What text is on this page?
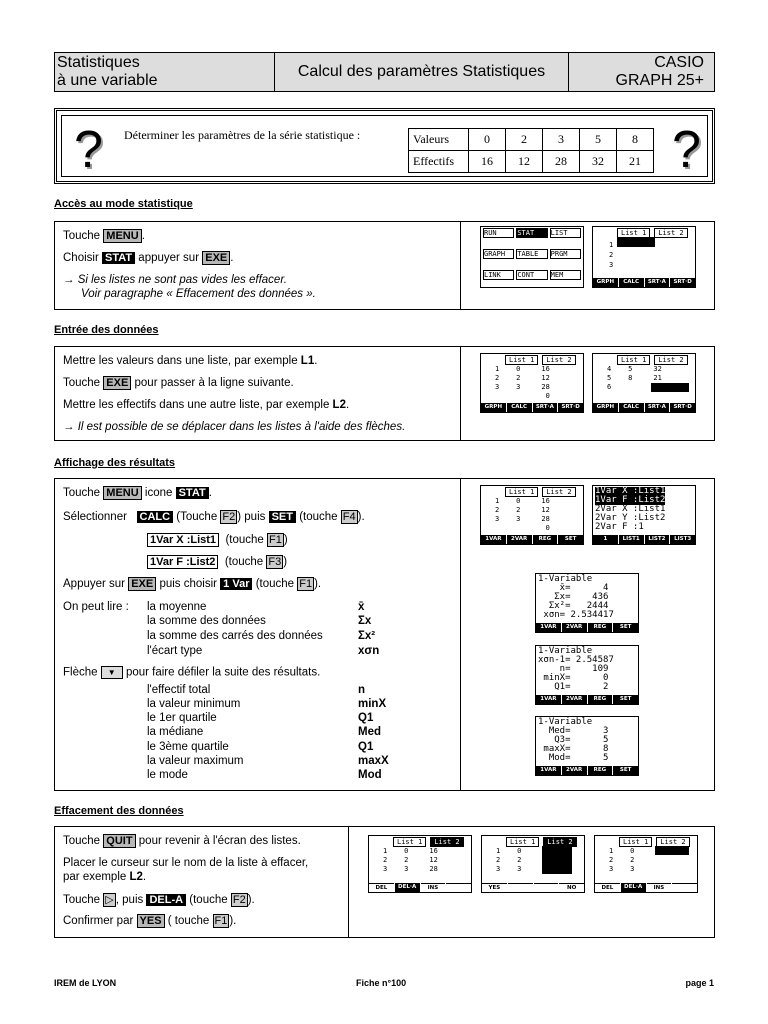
Statistiques
à une variable
Calcul des paramètres Statistiques
CASIO
GRAPH 25+
? Déterminer les paramètres de la série statistique :	Valeurs	0	2	3	5	8
Effectifs	16	12	28	32	21 ?
Accès au mode statistique
Touche MENU .
Choisir STAT appuyer sur EXE .
→ Si les listes ne sont pas vides les effacer.
Voir paragraphe « Effacement des données ».
RUN	STAT	LIST
GRAPH	TABLE	PRGM
LINK	CONT	MEM
List 1	List 2
1
2
3
GRPH	CALC	SRT·A	SRT·D
Entrée des données
Mettre les valeurs dans une liste, par exemple L1.
Touche EXE pour passer à la ligne suivante.
Mettre les effectifs dans une autre liste, par exemple L2.
→ Il est possible de se déplacer dans les listes à l'aide des flèches.
List 1	List 2
1    0     16
2    2     12
3    3     28
0
GRPH	CALC	SRT·A	SRT·D
List 1	List 2
4    5     32
5    8     21
6
GRPH	CALC	SRT·A	SRT·D
Affichage des résultats
Touche MENU icone STAT .
Sélectionner CALC (Touche F2 ) puis SET (touche F4 ).
1Var X :List1 (touche F1 )
1Var F :List2 (touche F3 )
Appuyer sur EXE puis choisir 1 Var (touche F1 ).
On peut lire : la moyenne	x̄
la somme des données	Σx
la somme des carrés des données	Σx²
l'écart type	xσn
Flèche ▼ pour faire défiler la suite des résultats.
l'effectif total	n
la valeur minimum	minX
le 1er quartile	Q1
la médiane	Med
le 3ème quartile	Q1
la valeur maximum	maxX
le mode	Mod
List 1	List 2
1    0     16
2    2     12
3    3     28
0
1VAR	2VAR	REG	SET
1Var X :List1
1Var F :List2
2Var X :List1
2Var Y :List2
2Var F :1
1	LIST1	LIST2	LIST3
1-Variable
x̄=      4
Σx=    436
Σx²=   2444
xσn= 2.534417
1VAR	2VAR	REG	SET
1-Variable
xσn-1= 2.54587
n=    109
minX=      0
Q1=      2
1VAR	2VAR	REG	SET
1-Variable
Med=      3
Q3=      5
maxX=      8
Mod=      5
1VAR	2VAR	REG	SET
Effacement des données
Touche QUIT pour revenir à l'écran des listes.
Placer le curseur sur le nom de la liste à effacer,
par exemple L2.
Touche ▷ , puis DEL-A (touche F2 ).
Confirmer par YES ( touche F1 ).
List 1	List 2
1    0     16
2    2     12
3    3     28
DEL	DEL·A	INS
List 1	List 2
1    0     16
2    2     12
3    3     28
YES	NO
List 1	List 2
1    0
2    2
3    3
DEL	DEL·A	INS
IREM de LYON	Fiche n°100	page 1
